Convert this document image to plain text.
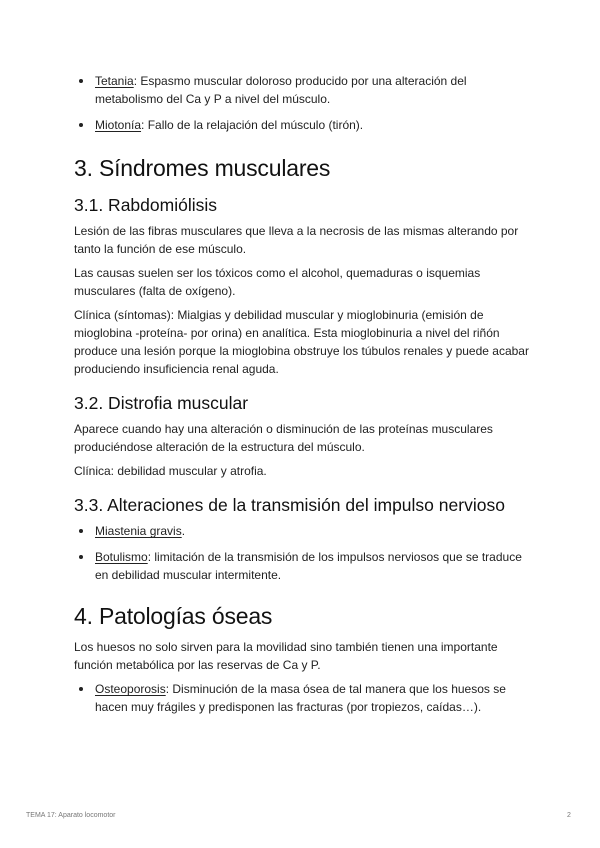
Tetania: Espasmo muscular doloroso producido por una alteración del metabolismo del Ca y P a nivel del músculo.
Miotonía: Fallo de la relajación del músculo (tirón).
3. Síndromes musculares
3.1. Rabdomiólisis

Lesión de las fibras musculares que lleva a la necrosis de las mismas alterando por tanto la función de ese músculo.

Las causas suelen ser los tóxicos como el alcohol, quemaduras o isquemias musculares (falta de oxígeno).

Clínica (síntomas): Mialgias y debilidad muscular y mioglobinuria (emisión de mioglobina -proteína- por orina) en analítica. Esta mioglobinuria a nivel del riñón produce una lesión porque la mioglobina obstruye los túbulos renales y puede acabar produciendo insuficiencia renal aguda.

3.2. Distrofia muscular

Aparece cuando hay una alteración o disminución de las proteínas musculares produciéndose alteración de la estructura del músculo.

Clínica: debilidad muscular y atrofia.

3.3. Alteraciones de la transmisión del impulso nervioso
Miastenia gravis.
Botulismo: limitación de la transmisión de los impulsos nerviosos que se traduce en debilidad muscular intermitente.
4. Patologías óseas

Los huesos no solo sirven para la movilidad sino también tienen una importante función metabólica por las reservas de Ca y P.

Osteoporosis: Disminución de la masa ósea de tal manera que los huesos se hacen muy frágiles y predisponen las fracturas (por tropiezos, caídas…).
TEMA 17: Aparato locomotor	2
